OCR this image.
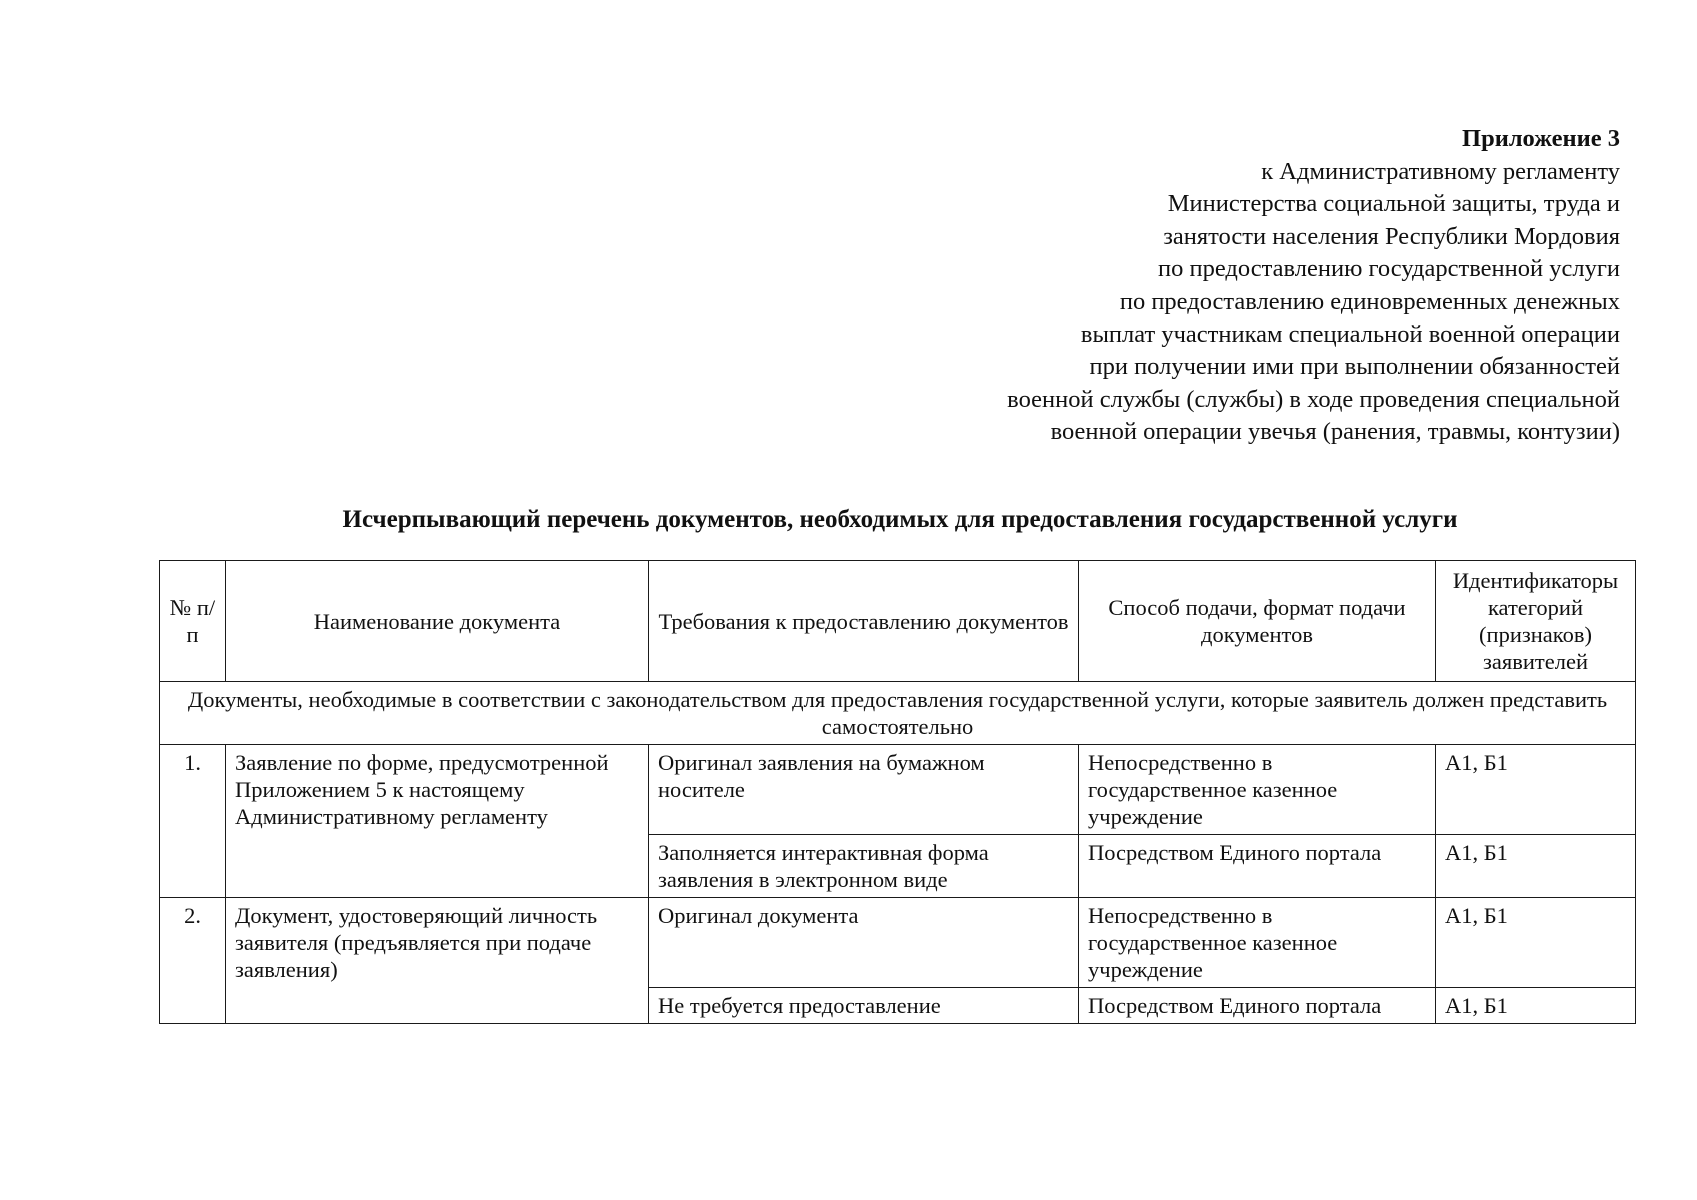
Приложение 3
к Административному регламенту
Министерства социальной защиты, труда и
занятости населения Республики Мордовия
по предоставлению государственной услуги
по предоставлению единовременных денежных
выплат участникам специальной военной операции
при получении ими при выполнении обязанностей
военной службы (службы) в ходе проведения специальной
военной операции увечья (ранения, травмы, контузии)
Исчерпывающий перечень документов, необходимых для предоставления государственной услуги
№ п/п	Наименование документа	Требования к предоставлению документов	Способ подачи, формат подачи документов	Идентификаторы категорий (признаков) заявителей
Документы, необходимые в соответствии с законодательством для предоставления государственной услуги, которые заявитель должен представить самостоятельно				
1.	Заявление по форме, предусмотренной Приложением 5 к настоящему Административному регламенту	Оригинал заявления на бумажном носителе	Непосредственно в государственное казенное учреждение	А1, Б1
		Заполняется интерактивная форма заявления в электронном виде	Посредством Единого портала	А1, Б1
2.	Документ, удостоверяющий личность заявителя (предъявляется при подаче заявления)	Оригинал документа	Непосредственно в государственное казенное учреждение	А1, Б1
		Не требуется предоставление	Посредством Единого портала	А1, Б1
